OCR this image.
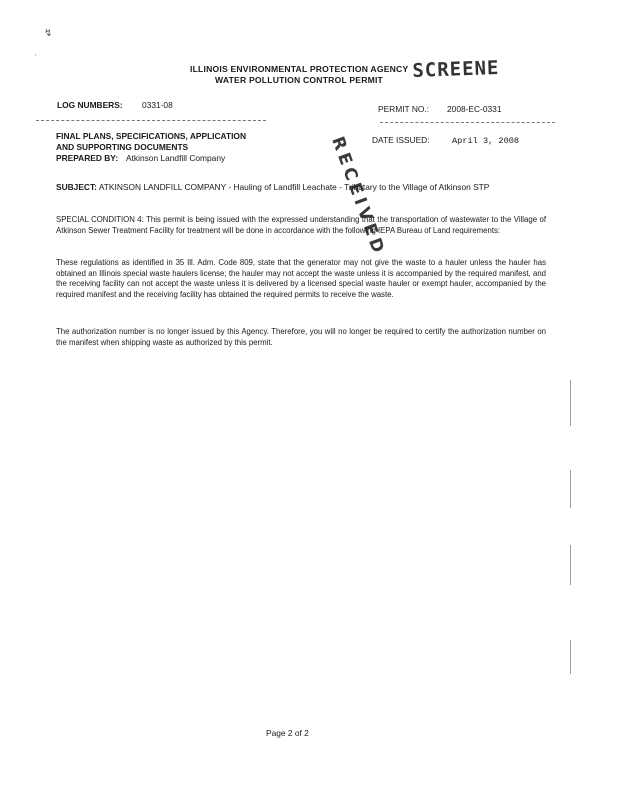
↯
‘
ILLINOIS ENVIRONMENTAL PROTECTION AGENCY
WATER POLLUTION CONTROL PERMIT SCREENE
LOG NUMBERS: 0331-08	PERMIT NO.: 2008-EC-0331
FINAL PLANS, SPECIFICATIONS, APPLICATION
AND SUPPORTING DOCUMENTS
PREPARED BY: Atkinson Landfill Company
DATE ISSUED:	April 3, 2008
RECEIVED
SUBJECT: ATKINSON LANDFILL COMPANY - Hauling of Landfill Leachate - Tributary to the Village of Atkinson STP
SPECIAL CONDITION 4: This permit is being issued with the expressed understanding that the transportation of wastewater to the Village of Atkinson Sewer Treatment Facility for treatment will be done in accordance with the following IEPA Bureau of Land requirements:
These regulations as identified in 35 Ill. Adm. Code 809, state that the generator may not give the waste to a hauler unless the hauler has obtained an Illinois special waste haulers license; the hauler may not accept the waste unless it is accompanied by the required manifest, and the receiving facility can not accept the waste unless it is delivered by a licensed special waste hauler or exempt hauler, accompanied by the required manifest and the receiving facility has obtained the required permits to receive the waste.
The authorization number is no longer issued by this Agency. Therefore, you will no longer be required to certify the authorization number on the manifest when shipping waste as authorized by this permit.
Page 2 of 2
